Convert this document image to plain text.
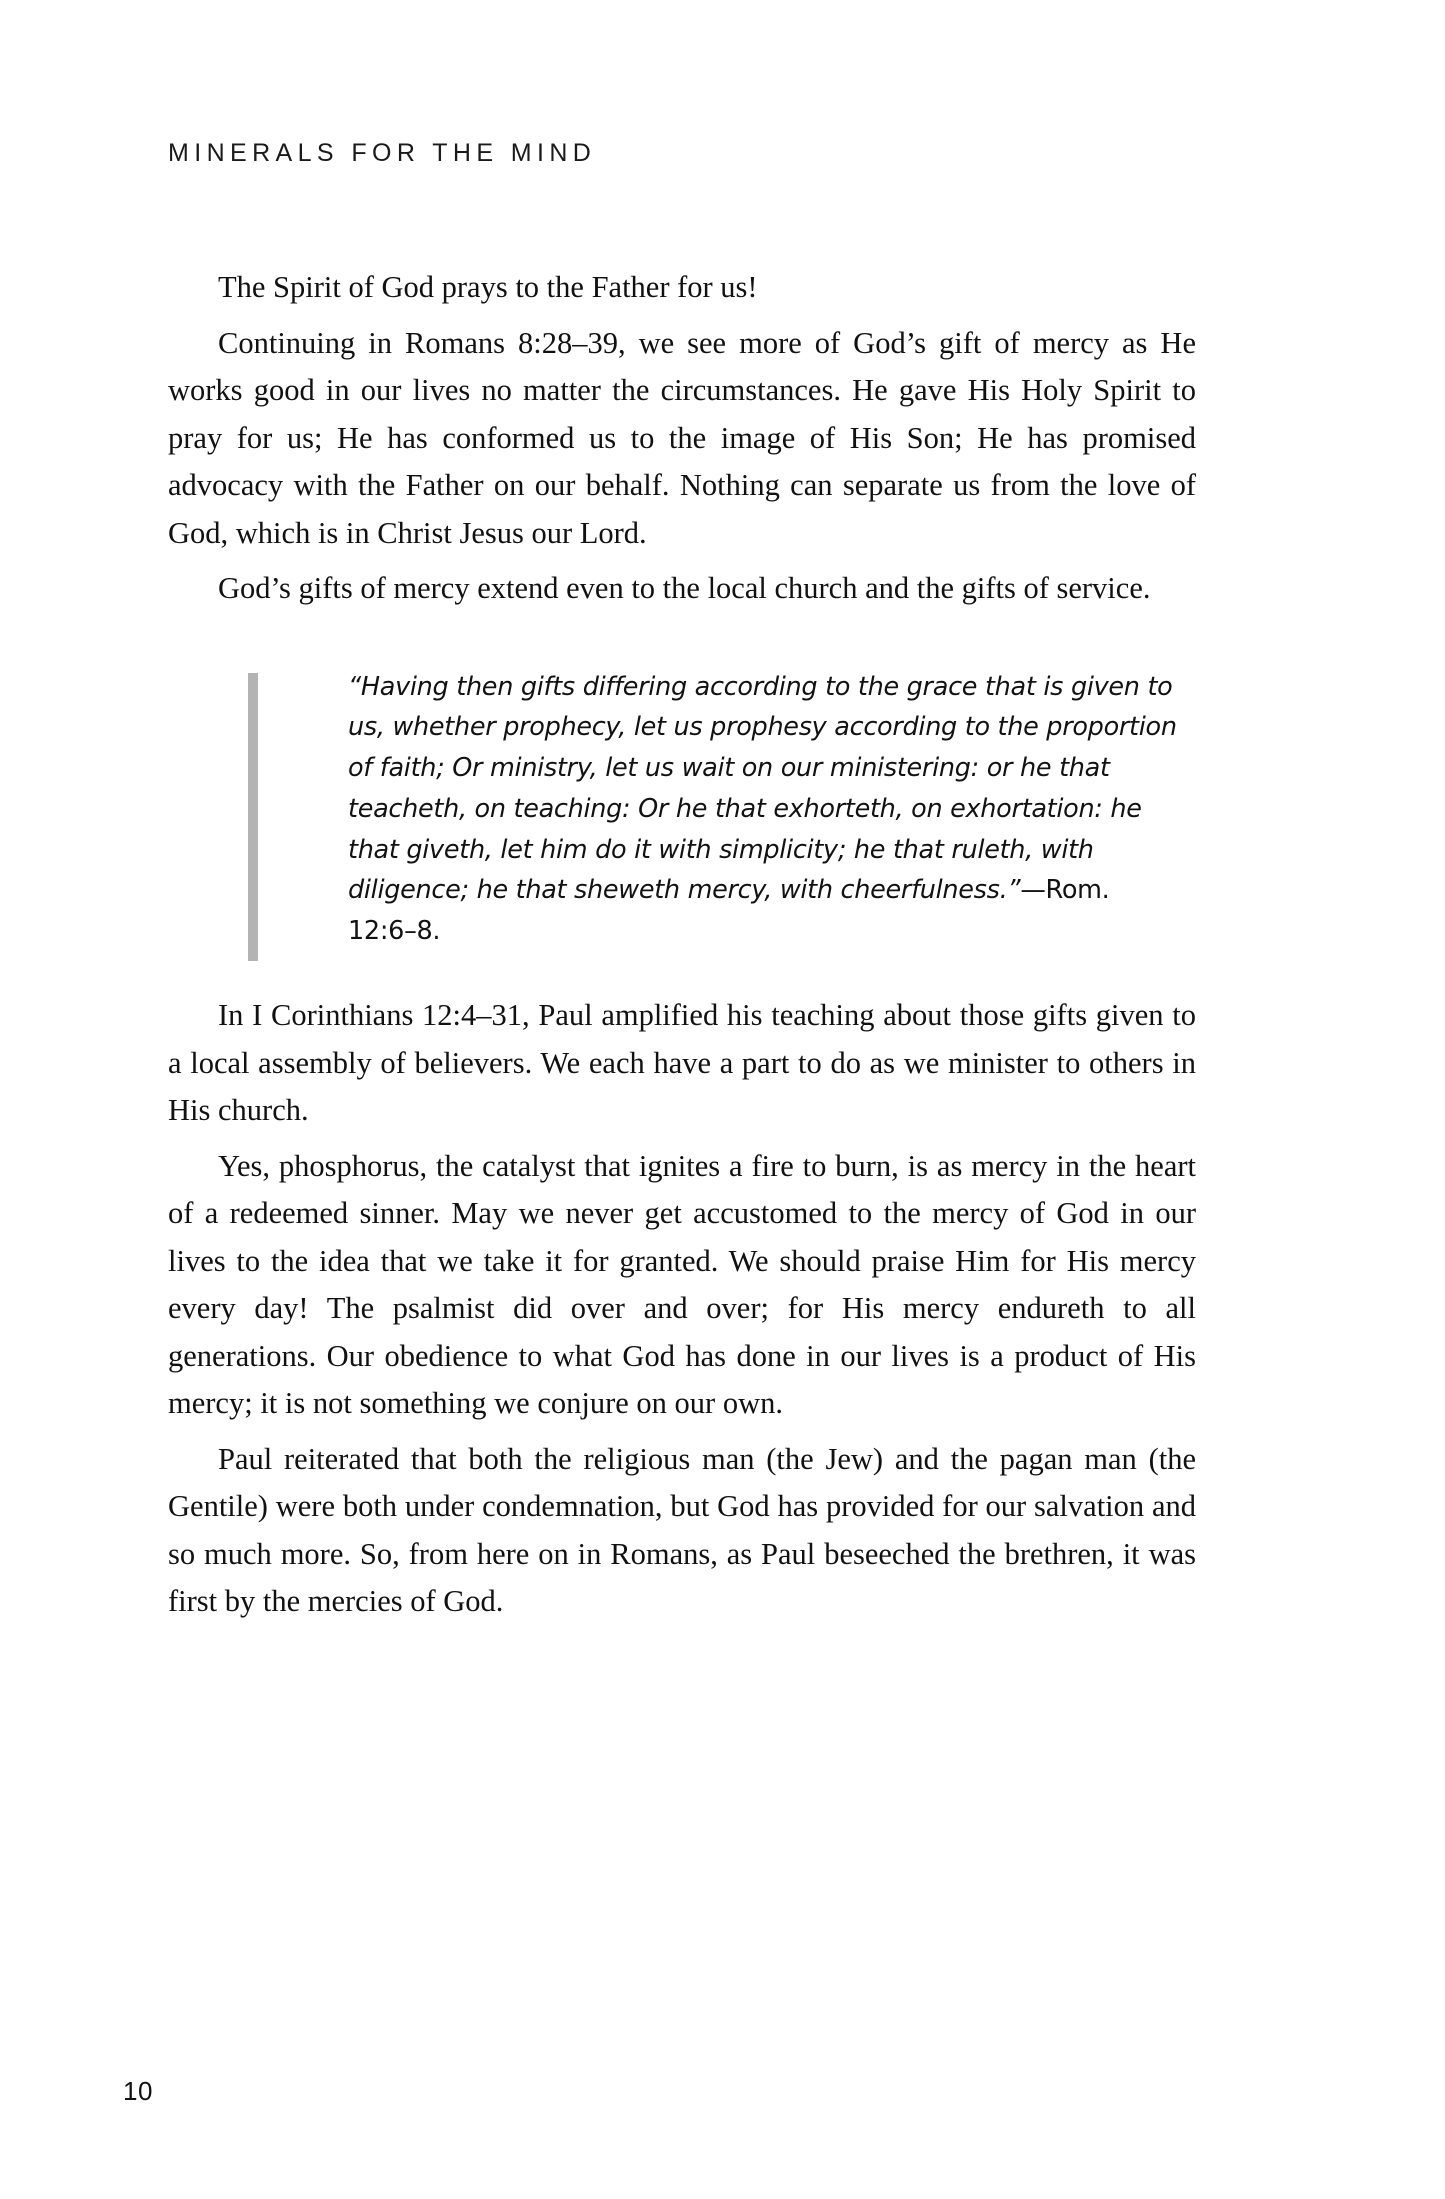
MINERALS FOR THE MIND

The Spirit of God prays to the Father for us!

Continuing in Romans 8:28–39, we see more of God’s gift of mercy as He works good in our lives no matter the circumstances. He gave His Holy Spirit to pray for us; He has conformed us to the image of His Son; He has promised advocacy with the Father on our behalf. Nothing can separate us from the love of God, which is in Christ Jesus our Lord.

God’s gifts of mercy extend even to the local church and the gifts of service.

“Having then gifts differing according to the grace that is given to us, whether prophecy, let us prophesy according to the proportion of faith; Or ministry, let us wait on our ministering: or he that teacheth, on teaching: Or he that exhorteth, on exhortation: he that giveth, let him do it with simplicity; he that ruleth, with diligence; he that sheweth mercy, with cheerfulness.”—Rom. 12:6–8.

In I Corinthians 12:4–31, Paul amplified his teaching about those gifts given to a local assembly of believers. We each have a part to do as we minister to others in His church.

Yes, phosphorus, the catalyst that ignites a fire to burn, is as mercy in the heart of a redeemed sinner. May we never get accustomed to the mercy of God in our lives to the idea that we take it for granted. We should praise Him for His mercy every day! The psalmist did over and over; for His mercy endureth to all generations. Our obedience to what God has done in our lives is a product of His mercy; it is not something we conjure on our own.

Paul reiterated that both the religious man (the Jew) and the pagan man (the Gentile) were both under condemnation, but God has provided for our salvation and so much more. So, from here on in Romans, as Paul beseeched the brethren, it was first by the mercies of God.

10
